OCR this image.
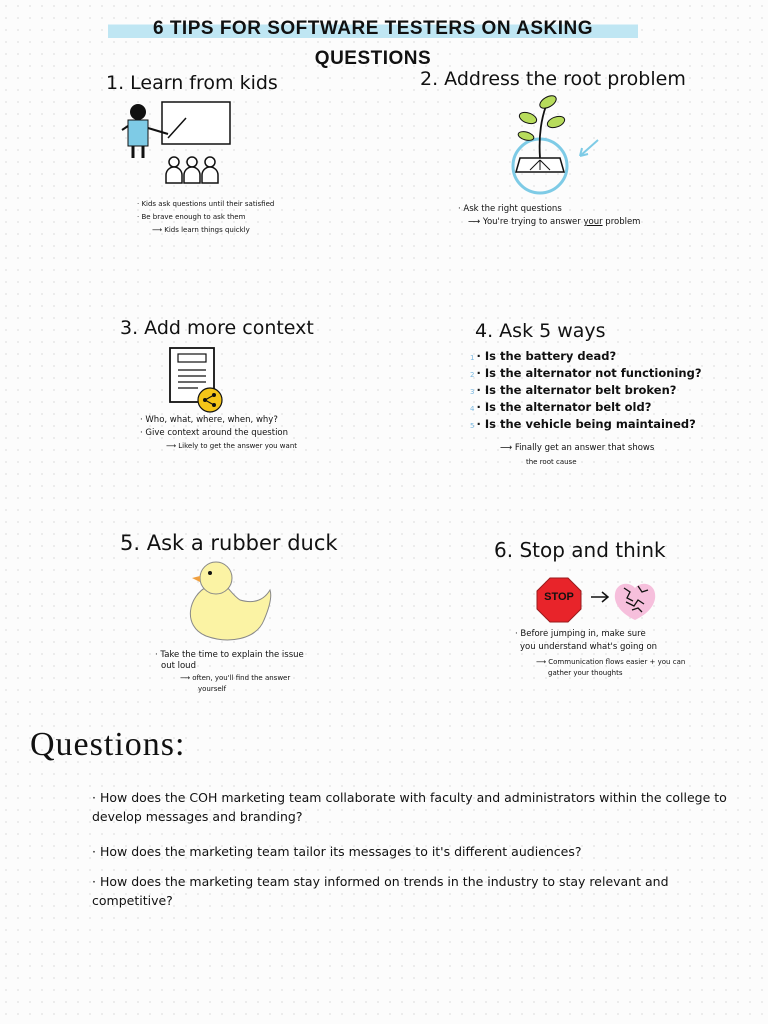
6 TIPS FOR SOFTWARE TESTERS ON ASKING QUESTIONS
1. Learn from kids
· Kids ask questions until their satisfied
· Be brave enough to ask them
⟶ Kids learn things quickly
2. Address the root problem
· Ask the right questions
⟶ You're trying to answer your problem
3. Add more context
· Who, what, where, when, why?
· Give context around the question
⟶ Likely to get the answer you want
4. Ask 5 ways
1 · Is the battery dead?
2 · Is the alternator not functioning?
3 · Is the alternator belt broken?
4 · Is the alternator belt old?
5 · Is the vehicle being maintained?
⟶ Finally get an answer that shows
the root cause
5. Ask a rubber duck
· Take the time to explain the issue
out loud
⟶ often, you'll find the answer
yourself
6. Stop and think
STOP
· Before jumping in, make sure
you understand what's going on
⟶ Communication flows easier + you can
gather your thoughts
Questions:
· How does the COH marketing team collaborate with faculty and administrators within the college to develop messages and branding?
· How does the marketing team tailor its messages to it's different audiences?
· How does the marketing team stay informed on trends in the industry to stay relevant and competitive?
